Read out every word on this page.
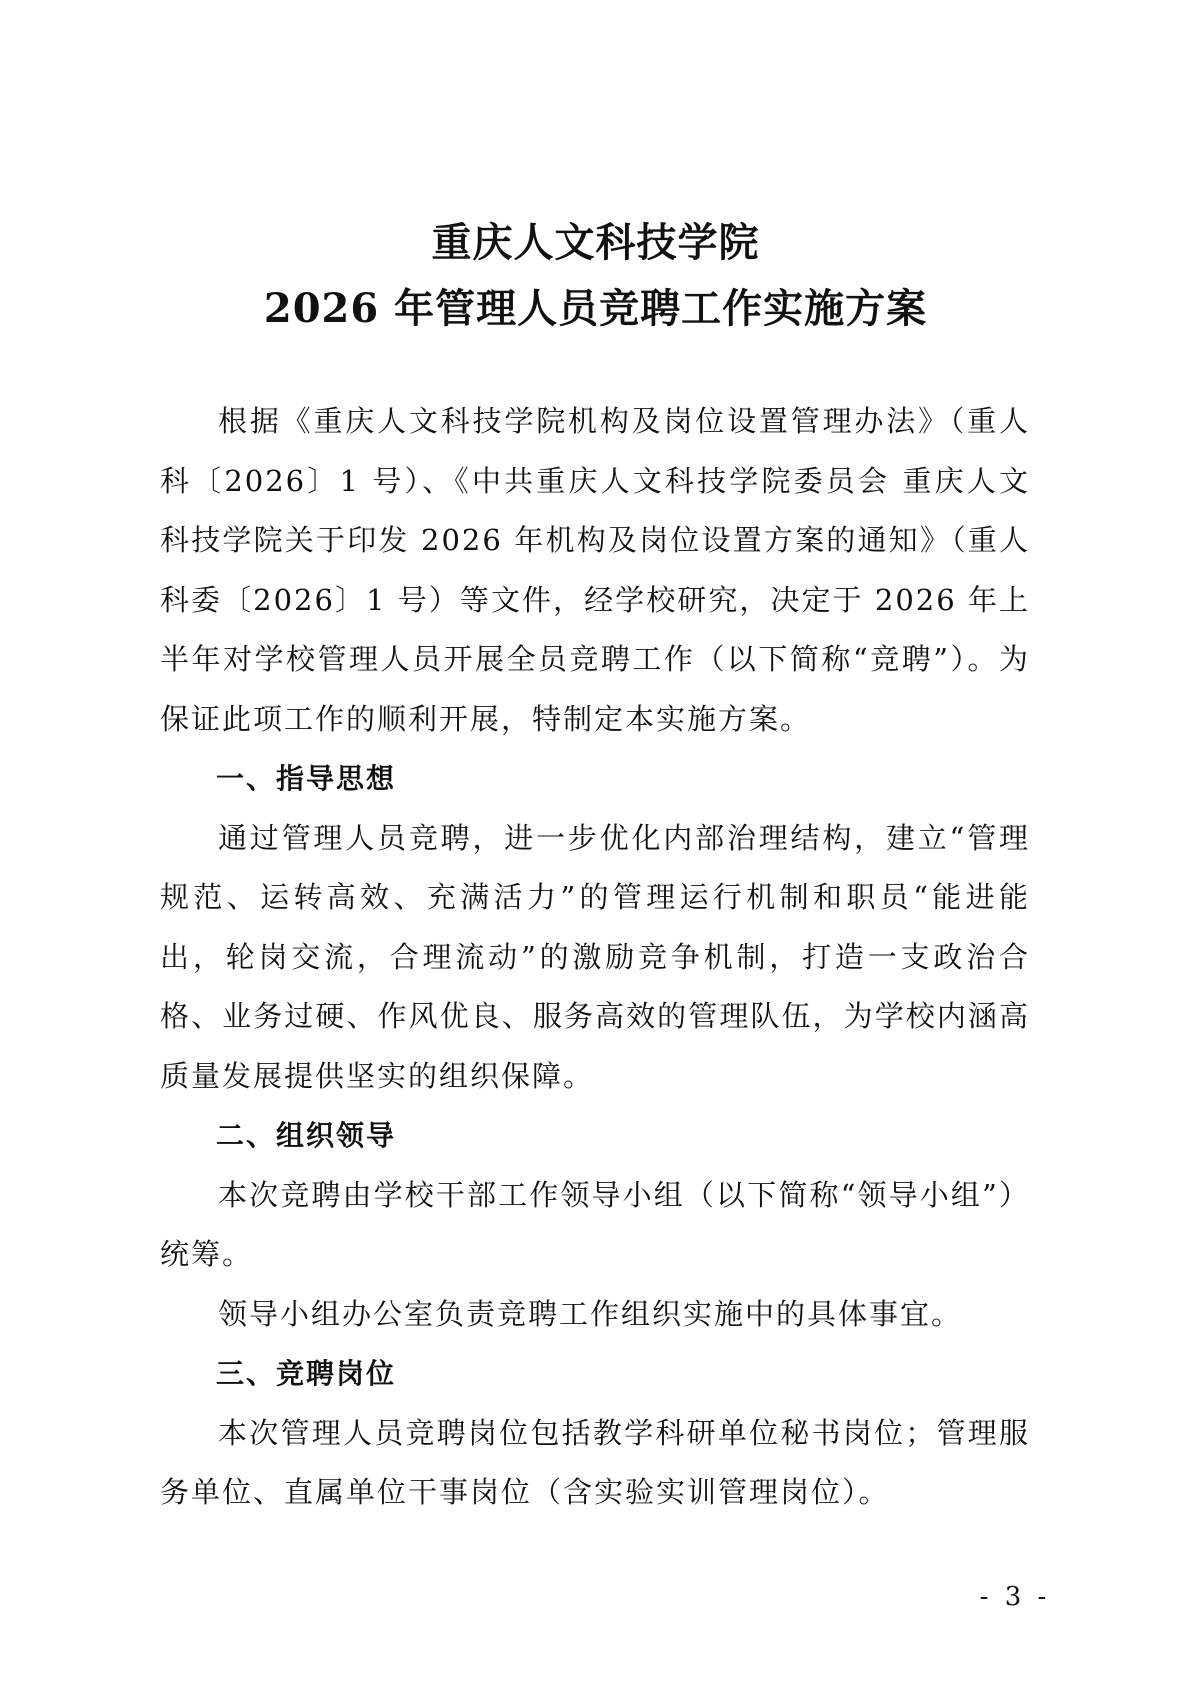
重庆人文科技学院
2026 年管理人员竞聘工作实施方案

根据《重庆人文科技学院机构及岗位设置管理办法》（重人科〔2026〕1 号）、《中共重庆人文科技学院委员会 重庆人文科技学院关于印发 2026 年机构及岗位设置方案的通知》（重人科委〔2026〕1 号）等文件，经学校研究，决定于 2026 年上半年对学校管理人员开展全员竞聘工作（以下简称“竞聘”）。为保证此项工作的顺利开展，特制定本实施方案。

一、指导思想

通过管理人员竞聘，进一步优化内部治理结构，建立“管理规范、运转高效、充满活力”的管理运行机制和职员“能进能出，轮岗交流，合理流动”的激励竞争机制，打造一支政治合格、业务过硬、作风优良、服务高效的管理队伍，为学校内涵高质量发展提供坚实的组织保障。

二、组织领导

本次竞聘由学校干部工作领导小组（以下简称“领导小组”）统筹。

领导小组办公室负责竞聘工作组织实施中的具体事宜。

三、竞聘岗位

本次管理人员竞聘岗位包括教学科研单位秘书岗位；管理服务单位、直属单位干事岗位（含实验实训管理岗位）。

- 3 -
